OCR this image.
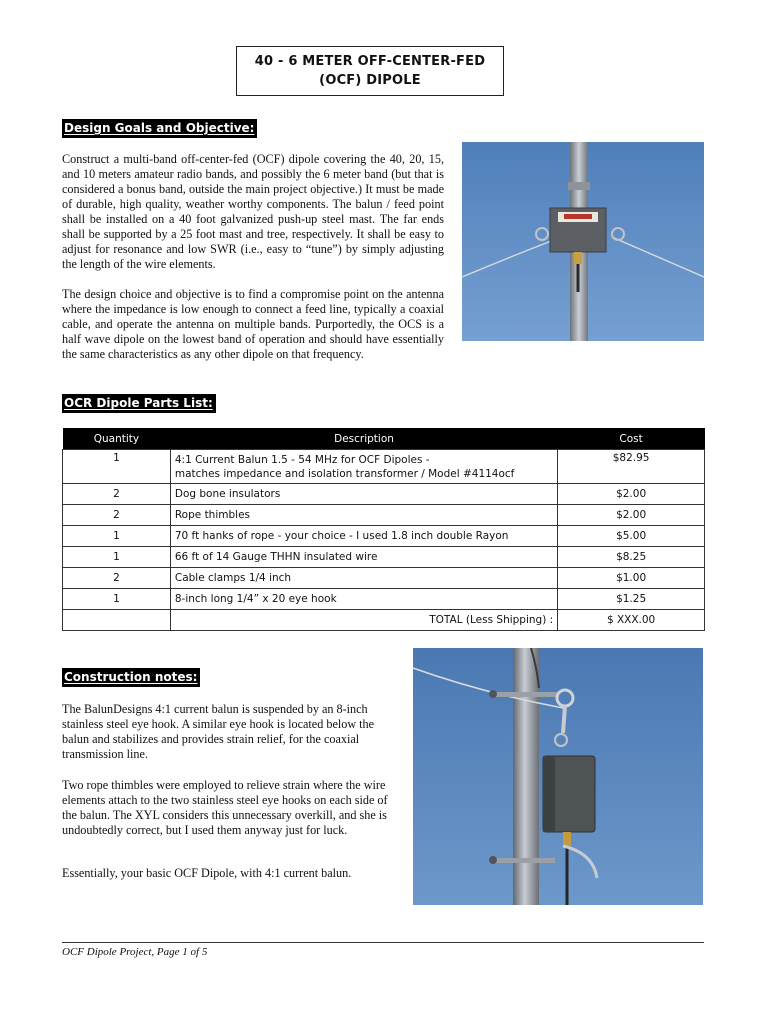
40 - 6 METER OFF-CENTER-FED
(OCF) DIPOLE
Design Goals and Objective:

Construct a multi-band off-center-fed (OCF) dipole covering the 40, 20, 15, and 10 meters amateur radio bands, and possibly the 6 meter band (but that is considered a bonus band, outside the main project objective.) It must be made of durable, high quality, weather worthy components. The balun / feed point shall be installed on a 40 foot galvanized push-up steel mast. The far ends shall be supported by a 25 foot mast and tree, respectively. It shall be easy to adjust for resonance and low SWR (i.e., easy to “tune”) by simply adjusting the length of the wire elements.

The design choice and objective is to find a compromise point on the antenna where the impedance is low enough to connect a feed line, typically a coaxial cable, and operate the antenna on multiple bands. Purportedly, the OCS is a half wave dipole on the lowest band of operation and should have essentially the same characteristics as any other dipole on that frequency.

OCR Dipole Parts List:
Quantity	Description	Cost
1	4:1 Current Balun 1.5 - 54 MHz for OCF Dipoles -
matches impedance and isolation transformer / Model #4114ocf	$82.95
2	Dog bone insulators	$2.00
2	Rope thimbles	$2.00
1	70 ft hanks of rope - your choice - I used 1.8 inch double Rayon	$5.00
1	66 ft of 14 Gauge THHN insulated wire	$8.25
2	Cable clamps 1/4 inch	$1.00
1	8-inch long 1/4” x 20 eye hook	$1.25
	TOTAL (Less Shipping) :	$ XXX.00
Construction notes:

The BalunDesigns 4:1 current balun is suspended by an 8-inch stainless steel eye hook. A similar eye hook is located below the balun and stabilizes and provides strain relief, for the coaxial transmission line.

Two rope thimbles were employed to relieve strain where the wire elements attach to the two stainless steel eye hooks on each side of the balun. The XYL considers this unnecessary overkill, and she is undoubtedly correct, but I used them anyway just for luck.

Essentially, your basic OCF Dipole, with 4:1 current balun.

OCF Dipole Project, Page 1 of 5
